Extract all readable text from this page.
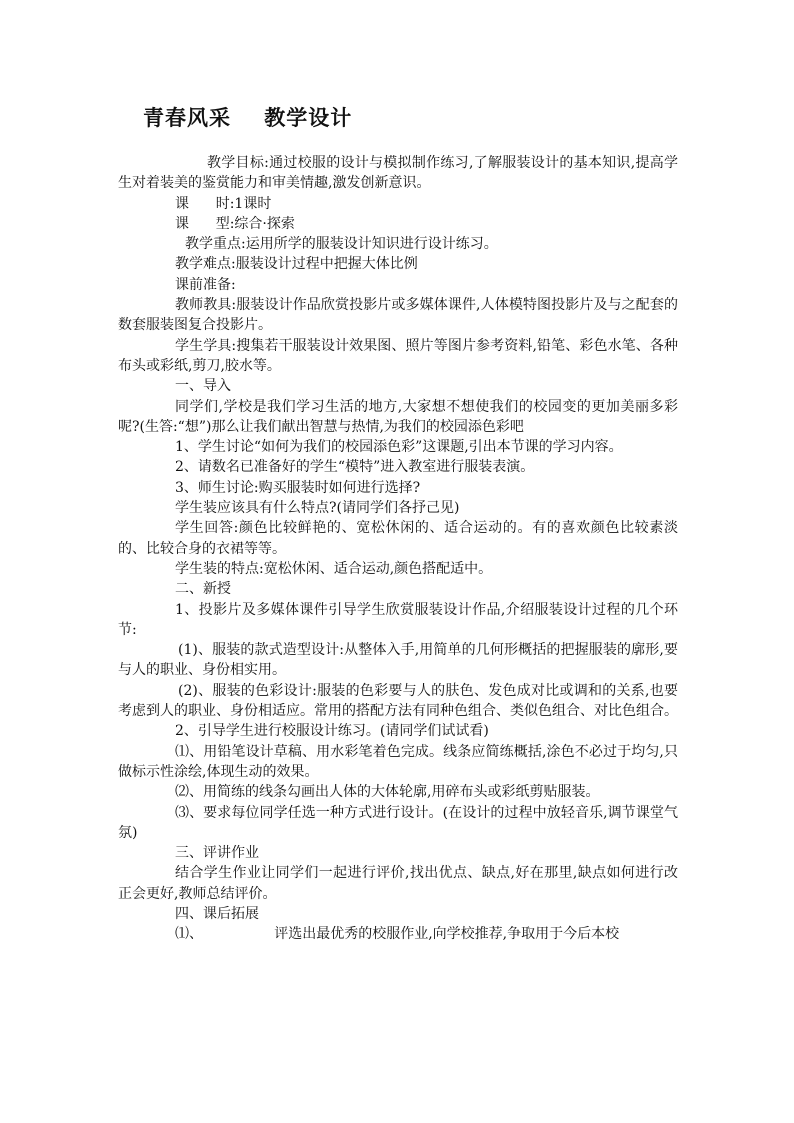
青春风采    教学设计

教学目标:通过校服的设计与模拟制作练习,了解服装设计的基本知识,提高学生对着装美的鉴赏能力和审美情趣,激发创新意识。

课      时:1课时

课      型:综合·探索

教学重点:运用所学的服装设计知识进行设计练习。

教学难点:服装设计过程中把握大体比例

课前准备:

教师教具:服装设计作品欣赏投影片或多媒体课件,人体模特图投影片及与之配套的数套服装图复合投影片。

学生学具:搜集若干服装设计效果图、照片等图片参考资料,铅笔、彩色水笔、各种布头或彩纸,剪刀,胶水等。

一、导入

同学们,学校是我们学习生活的地方,大家想不想使我们的校园变的更加美丽多彩呢?(生答:“想”)那么让我们献出智慧与热情,为我们的校园添色彩吧

1、学生讨论“如何为我们的校园添色彩”这课题,引出本节课的学习内容。

2、请数名已准备好的学生“模特”进入教室进行服装表演。

3、师生讨论:购买服装时如何进行选择?

学生装应该具有什么特点?(请同学们各抒己见)

学生回答:颜色比较鲜艳的、宽松休闲的、适合运动的。有的喜欢颜色比较素淡的、比较合身的衣裙等等。

学生装的特点:宽松休闲、适合运动,颜色搭配适中。

二、新授

1、投影片及多媒体课件引导学生欣赏服装设计作品,介绍服装设计过程的几个环节:

(1)、服装的款式造型设计:从整体入手,用简单的几何形概括的把握服装的廓形,要与人的职业、身份相实用。

(2)、服装的色彩设计:服装的色彩要与人的肤色、发色成对比或调和的关系,也要考虑到人的职业、身份相适应。常用的搭配方法有同种色组合、类似色组合、对比色组合。

2、引导学生进行校服设计练习。(请同学们试试看)

⑴、用铅笔设计草稿、用水彩笔着色完成。线条应简练概括,涂色不必过于均匀,只做标示性涂绘,体现生动的效果。

⑵、用简练的线条勾画出人体的大体轮廓,用碎布头或彩纸剪贴服装。

⑶、要求每位同学任选一种方式进行设计。(在设计的过程中放轻音乐,调节课堂气氛)

三、评讲作业

结合学生作业让同学们一起进行评价,找出优点、缺点,好在那里,缺点如何进行改正会更好,教师总结评价。

四、课后拓展

⑴、                评选出最优秀的校服作业,向学校推荐,争取用于今后本校
